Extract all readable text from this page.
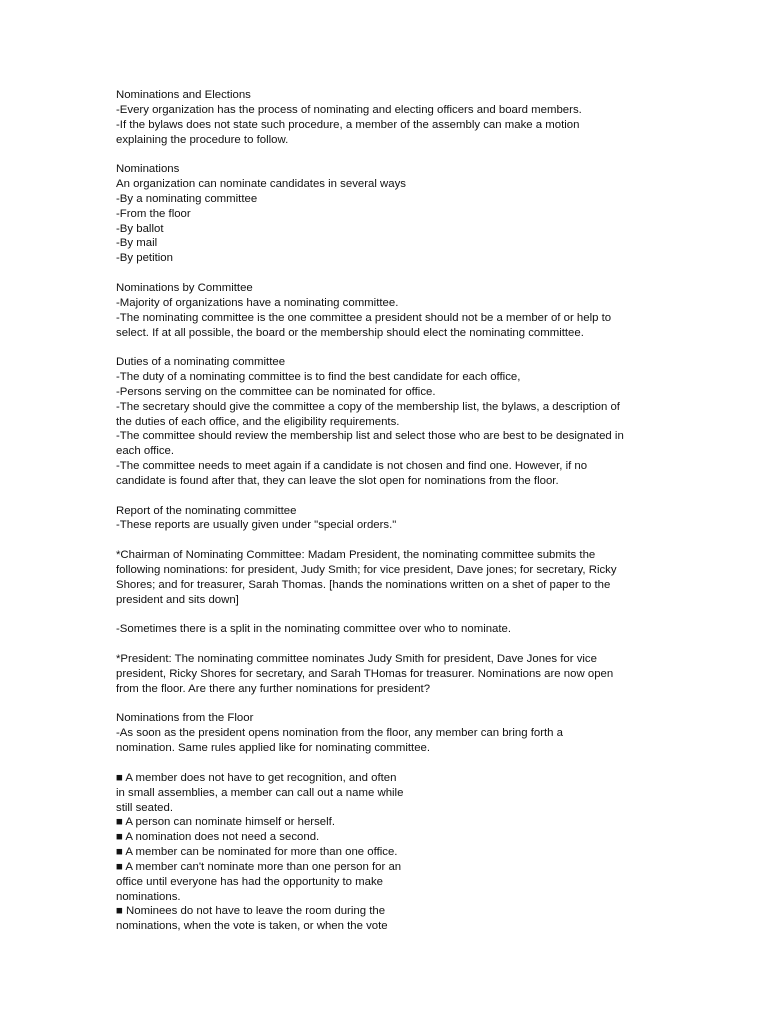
Nominations and Elections
-Every organization has the process of nominating and electing officers and board members.
-If the bylaws does not state such procedure, a member of the assembly can make a motion
explaining the procedure to follow.
Nominations
An organization can nominate candidates in several ways
-By a nominating committee
-From the floor
-By ballot
-By mail
-By petition
Nominations by Committee
-Majority of organizations have a nominating committee.
-The nominating committee is the one committee a president should not be a member of or help to
select. If at all possible, the board or the membership should elect the nominating committee.
Duties of a nominating committee
-The duty of a nominating committee is to find the best candidate for each office,
-Persons serving on the committee can be nominated for office.
-The secretary should give the committee a copy of the membership list, the bylaws, a description of
the duties of each office, and the eligibility requirements.
-The committee should review the membership list and select those who are best to be designated in
each office.
-The committee needs to meet again if a candidate is not chosen and find one. However, if no
candidate is found after that, they can leave the slot open for nominations from the floor.
Report of the nominating committee
-These reports are usually given under "special orders."
*Chairman of Nominating Committee: Madam President, the nominating committee submits the
following nominations: for president, Judy Smith; for vice president, Dave jones; for secretary, Ricky
Shores; and for treasurer, Sarah Thomas. [hands the nominations written on a shet of paper to the
president and sits down]
-Sometimes there is a split in the nominating committee over who to nominate.
*President: The nominating committee nominates Judy Smith for president, Dave Jones for vice
president, Ricky Shores for secretary, and Sarah THomas for treasurer. Nominations are now open
from the floor. Are there any further nominations for president?
Nominations from the Floor
-As soon as the president opens nomination from the floor, any member can bring forth a
nomination. Same rules applied like for nominating committee.
■ A member does not have to get recognition, and often
in small assemblies, a member can call out a name while
still seated.
■ A person can nominate himself or herself.
■ A nomination does not need a second.
■ A member can be nominated for more than one office.
■ A member can't nominate more than one person for an
office until everyone has had the opportunity to make
nominations.
■ Nominees do not have to leave the room during the
nominations, when the vote is taken, or when the vote
